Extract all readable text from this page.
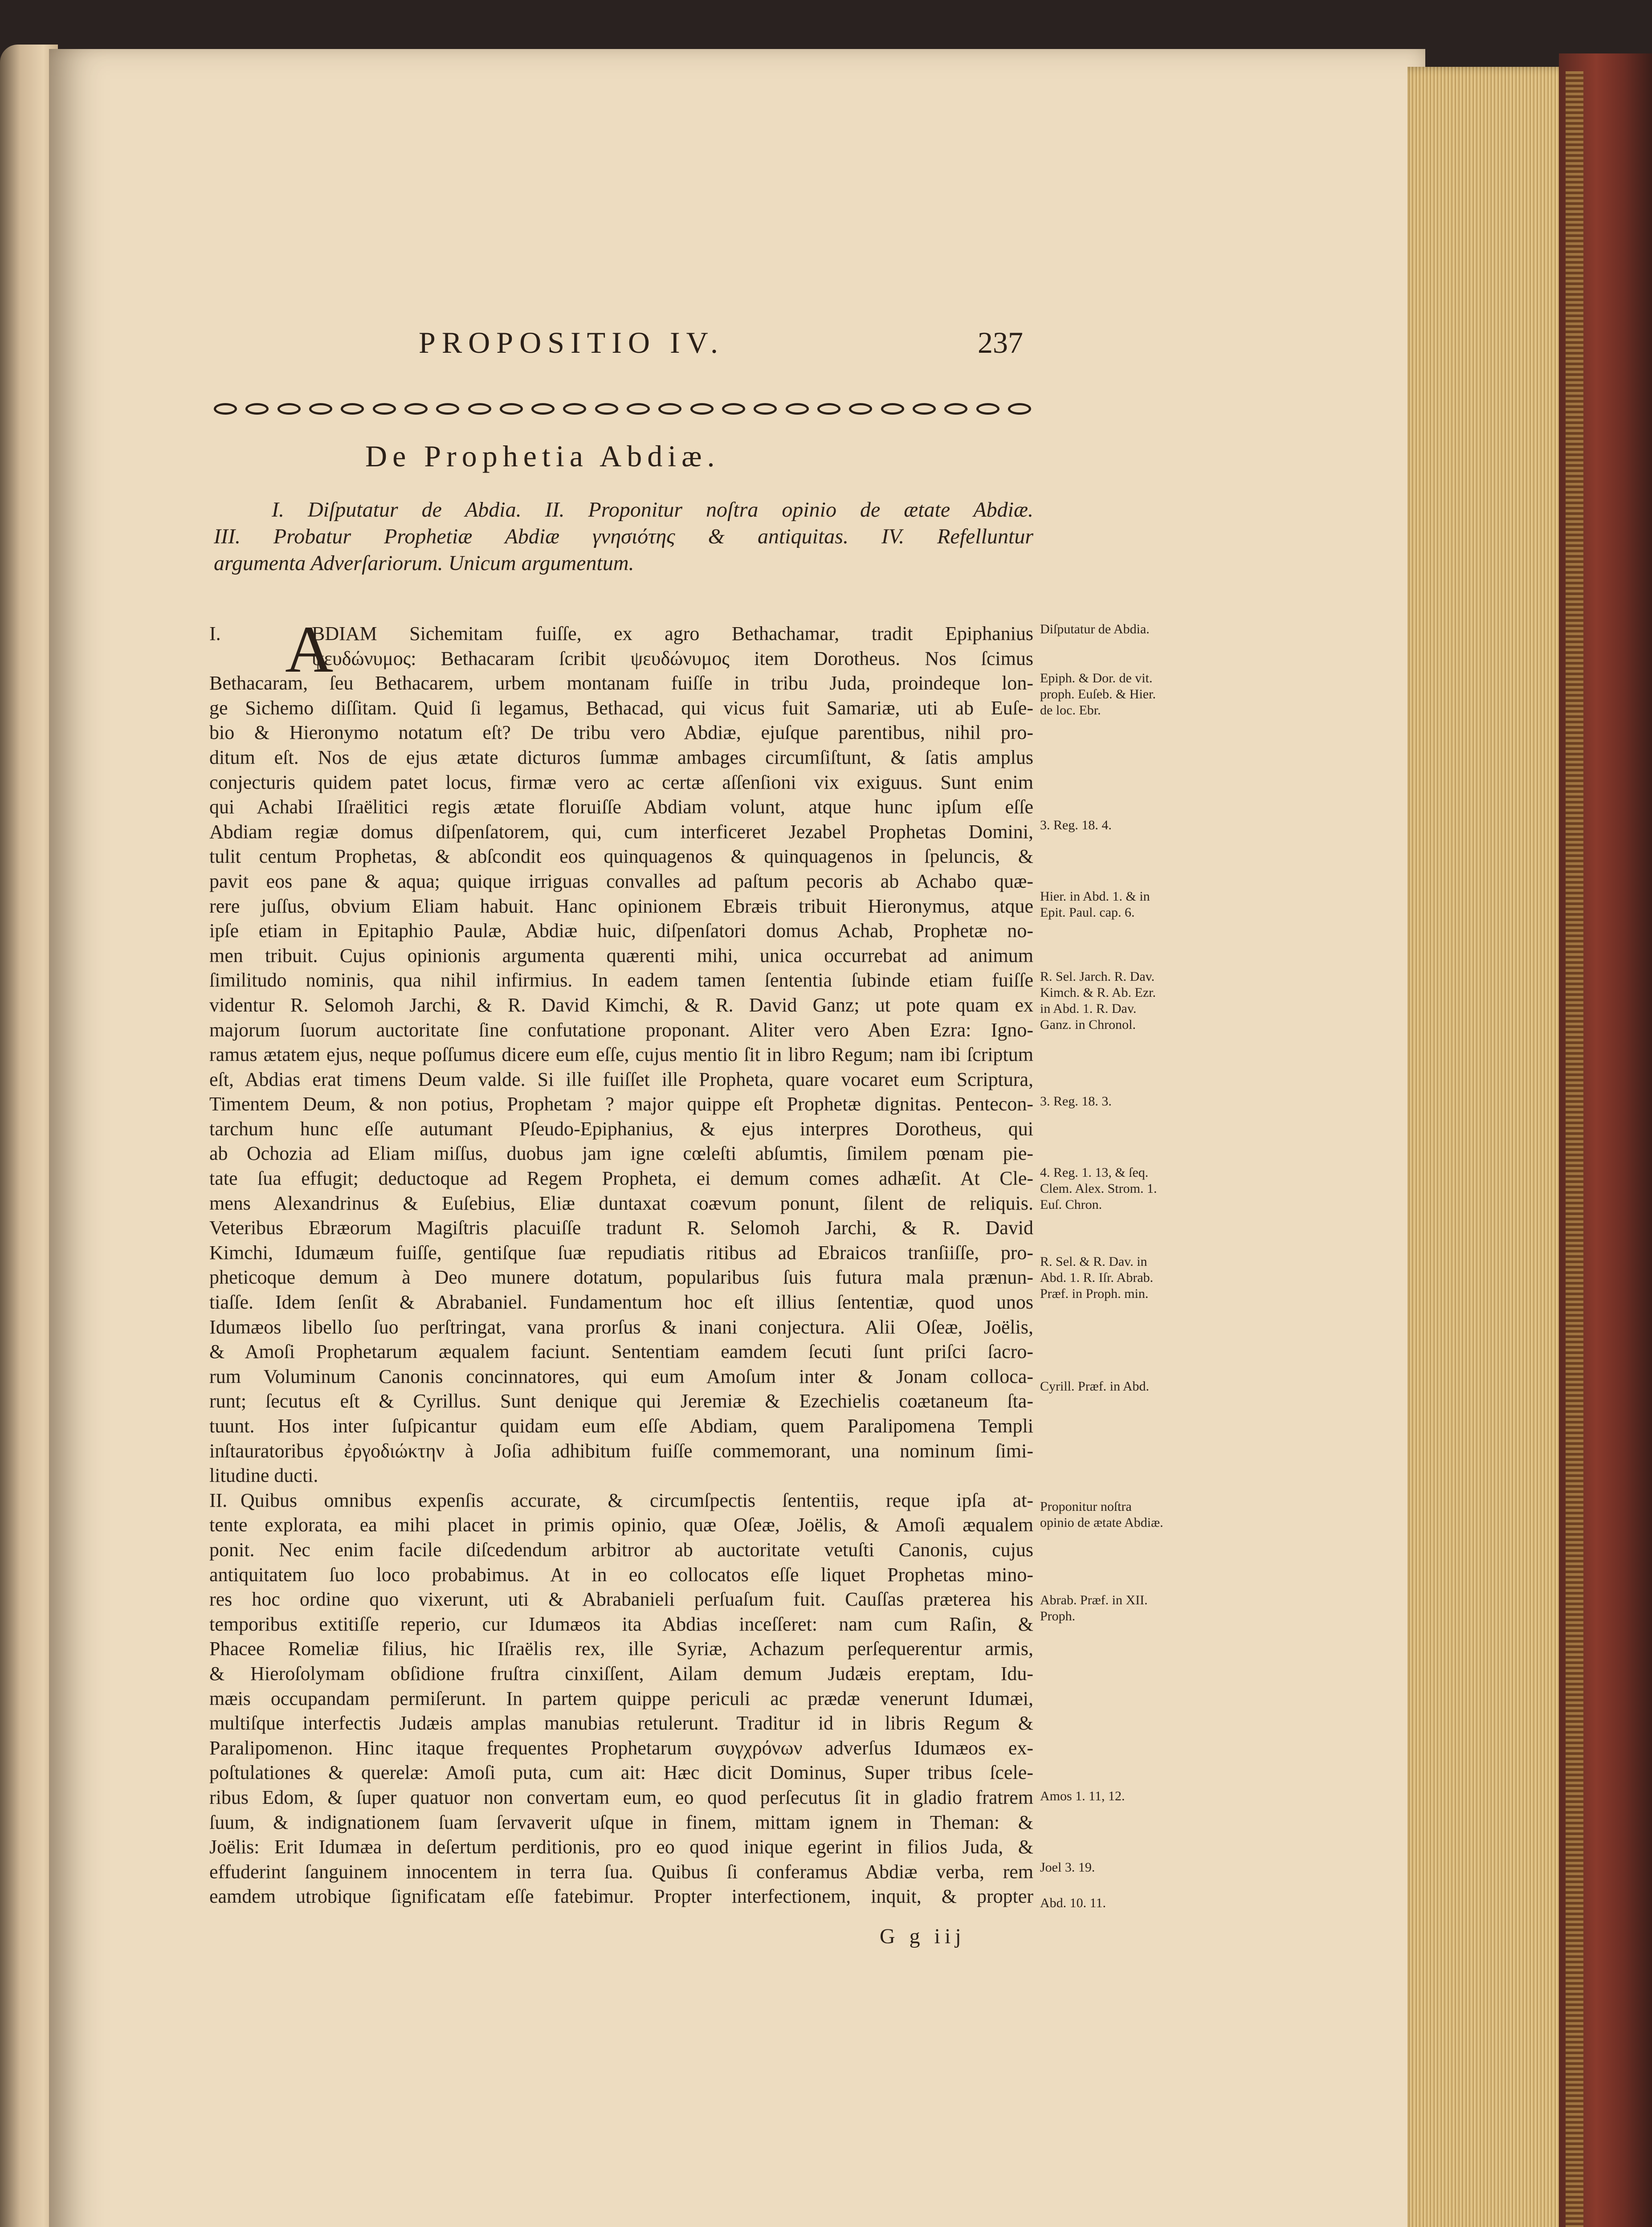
PROPOSITIO IV.	237
De Prophetia Abdiæ.
I. Diſputatur de Abdia. II. Proponitur noſtra opinio de ætate Abdiæ.
III. Probatur Prophetiæ Abdiæ γνησιότης & antiquitas. IV. Refelluntur
argumenta Adverſariorum. Unicum argumentum.
I. A
BDIAM Sichemitam fuiſſe, ex agro Bethachamar, tradit Epiphanius
ψευδώνυμος: Bethacaram ſcribit ψευδώνυμος item Dorotheus. Nos ſcimus
Bethacaram, ſeu Bethacarem, urbem montanam fuiſſe in tribu Juda, proindeque lon-
ge Sichemo diſſitam. Quid ſi legamus, Bethacad, qui vicus fuit Samariæ, uti ab Euſe-
bio & Hieronymo notatum eſt? De tribu vero Abdiæ, ejuſque parentibus, nihil pro-
ditum eſt. Nos de ejus ætate dicturos ſummæ ambages circumſiſtunt, & ſatis amplus
conjecturis quidem patet locus, firmæ vero ac certæ aſſenſioni vix exiguus. Sunt enim
qui Achabi Iſraëlitici regis ætate floruiſſe Abdiam volunt, atque hunc ipſum eſſe
Abdiam regiæ domus diſpenſatorem, qui, cum interficeret Jezabel Prophetas Domini,
tulit centum Prophetas, & abſcondit eos quinquagenos & quinquagenos in ſpeluncis, &
pavit eos pane & aqua; quique irriguas convalles ad paſtum pecoris ab Achabo quæ-
rere juſſus, obvium Eliam habuit. Hanc opinionem Ebræis tribuit Hieronymus, atque
ipſe etiam in Epitaphio Paulæ, Abdiæ huic, diſpenſatori domus Achab, Prophetæ no-
men tribuit. Cujus opinionis argumenta quærenti mihi, unica occurrebat ad animum
ſimilitudo nominis, qua nihil infirmius. In eadem tamen ſententia ſubinde etiam fuiſſe
videntur R. Selomoh Jarchi, & R. David Kimchi, & R. David Ganz; ut pote quam ex
majorum ſuorum auctoritate ſine confutatione proponant. Aliter vero Aben Ezra: Igno-
ramus ætatem ejus, neque poſſumus dicere eum eſſe, cujus mentio ſit in libro Regum; nam ibi ſcriptum
eſt, Abdias erat timens Deum valde. Si ille fuiſſet ille Propheta, quare vocaret eum Scriptura,
Timentem Deum, & non potius, Prophetam ? major quippe eſt Prophetæ dignitas. Pentecon-
tarchum hunc eſſe autumant Pſeudo-Epiphanius, & ejus interpres Dorotheus, qui
ab Ochozia ad Eliam miſſus, duobus jam igne cœleſti abſumtis, ſimilem pœnam pie-
tate ſua effugit; deductoque ad Regem Propheta, ei demum comes adhæſit. At Cle-
mens Alexandrinus & Euſebius, Eliæ duntaxat coævum ponunt, ſilent de reliquis.
Veteribus Ebræorum Magiſtris placuiſſe tradunt R. Selomoh Jarchi, & R. David
Kimchi, Idumæum fuiſſe, gentiſque ſuæ repudiatis ritibus ad Ebraicos tranſiiſſe, pro-
pheticoque demum à Deo munere dotatum, popularibus ſuis futura mala prænun-
tiaſſe. Idem ſenſit & Abrabaniel. Fundamentum hoc eſt illius ſententiæ, quod unos
Idumæos libello ſuo perſtringat, vana prorſus & inani conjectura. Alii Oſeæ, Joëlis,
& Amoſi Prophetarum æqualem faciunt. Sententiam eamdem ſecuti ſunt priſci ſacro-
rum Voluminum Canonis concinnatores, qui eum Amoſum inter & Jonam colloca-
runt; ſecutus eſt & Cyrillus. Sunt denique qui Jeremiæ & Ezechielis coætaneum ſta-
tuunt. Hos inter ſuſpicantur quidam eum eſſe Abdiam, quem Paralipomena Templi
inſtauratoribus ἐργοδιώκτην à Joſia adhibitum fuiſſe commemorant, una nominum ſimi-
litudine ducti.
II. Quibus omnibus expenſis accurate, & circumſpectis ſententiis, reque ipſa at-
tente explorata, ea mihi placet in primis opinio, quæ Oſeæ, Joëlis, & Amoſi æqualem
ponit. Nec enim facile diſcedendum arbitror ab auctoritate vetuſti Canonis, cujus
antiquitatem ſuo loco probabimus. At in eo collocatos eſſe liquet Prophetas mino-
res hoc ordine quo vixerunt, uti & Abrabanieli perſuaſum fuit. Cauſſas præterea his
temporibus extitiſſe reperio, cur Idumæos ita Abdias inceſſeret: nam cum Raſin, &
Phacee Romeliæ filius, hic Iſraëlis rex, ille Syriæ, Achazum perſequerentur armis,
& Hieroſolymam obſidione fruſtra cinxiſſent, Ailam demum Judæis ereptam, Idu-
mæis occupandam permiſerunt. In partem quippe periculi ac prædæ venerunt Idumæi,
multiſque interfectis Judæis amplas manubias retulerunt. Traditur id in libris Regum &
Paralipomenon. Hinc itaque frequentes Prophetarum συγχρόνων adverſus Idumæos ex-
poſtulationes & querelæ: Amoſi puta, cum ait: Hæc dicit Dominus, Super tribus ſcele-
ribus Edom, & ſuper quatuor non convertam eum, eo quod perſecutus ſit in gladio fratrem
ſuum, & indignationem ſuam ſervaverit uſque in finem, mittam ignem in Theman: &
Joëlis: Erit Idumæa in deſertum perditionis, pro eo quod inique egerint in filios Juda, &
effuderint ſanguinem innocentem in terra ſua. Quibus ſi conferamus Abdiæ verba, rem
eamdem utrobique ſignificatam eſſe fatebimur. Propter interfectionem, inquit, & propter
Diſputatur de Abdia.
Epiph. & Dor. de vit. proph. Euſeb. & Hier. de loc. Ebr.
3. Reg. 18. 4.
Hier. in Abd. 1. & in Epit. Paul. cap. 6.
R. Sel. Jarch. R. Dav. Kimch. & R. Ab. Ezr. in Abd. 1. R. Dav. Ganz. in Chronol.
3. Reg. 18. 3.
4. Reg. 1. 13, & ſeq. Clem. Alex. Strom. 1. Euſ. Chron.
R. Sel. & R. Dav. in Abd. 1. R. Iſr. Abrab. Præf. in Proph. min.
Cyrill. Præf. in Abd.
Proponitur noſtra opinio de ætate Abdiæ.
Abrab. Præf. in XII. Proph.
Amos 1. 11, 12.
Joel 3. 19.
Abd. 10. 11.
G g iij
